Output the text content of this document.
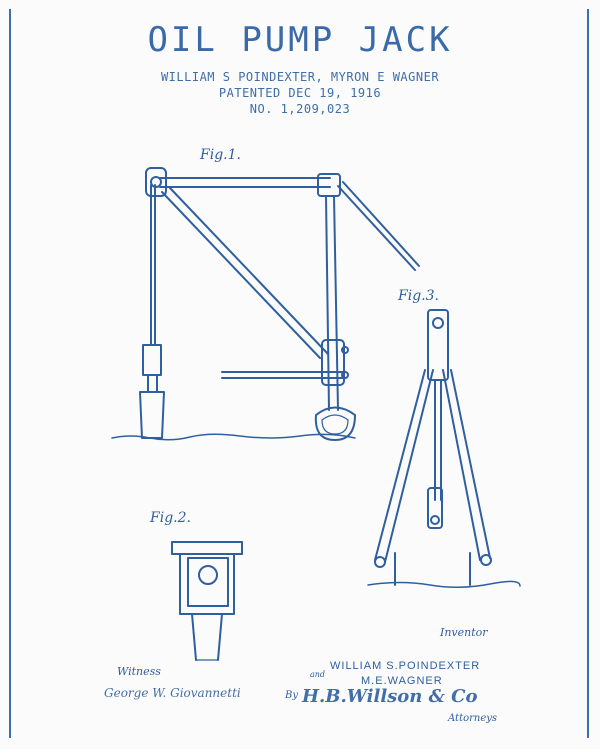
OIL PUMP JACK
WILLIAM S POINDEXTER, MYRON E WAGNER
PATENTED DEC 19, 1916
NO. 1,209,023
Fig.1.
Fig.3.
Fig.2.
Inventor
Witness	WILLIAM S.POINDEXTER
and
M.E.WAGNER
By
Attorneys
George W. Giovannetti	H.B.Willson & Co
